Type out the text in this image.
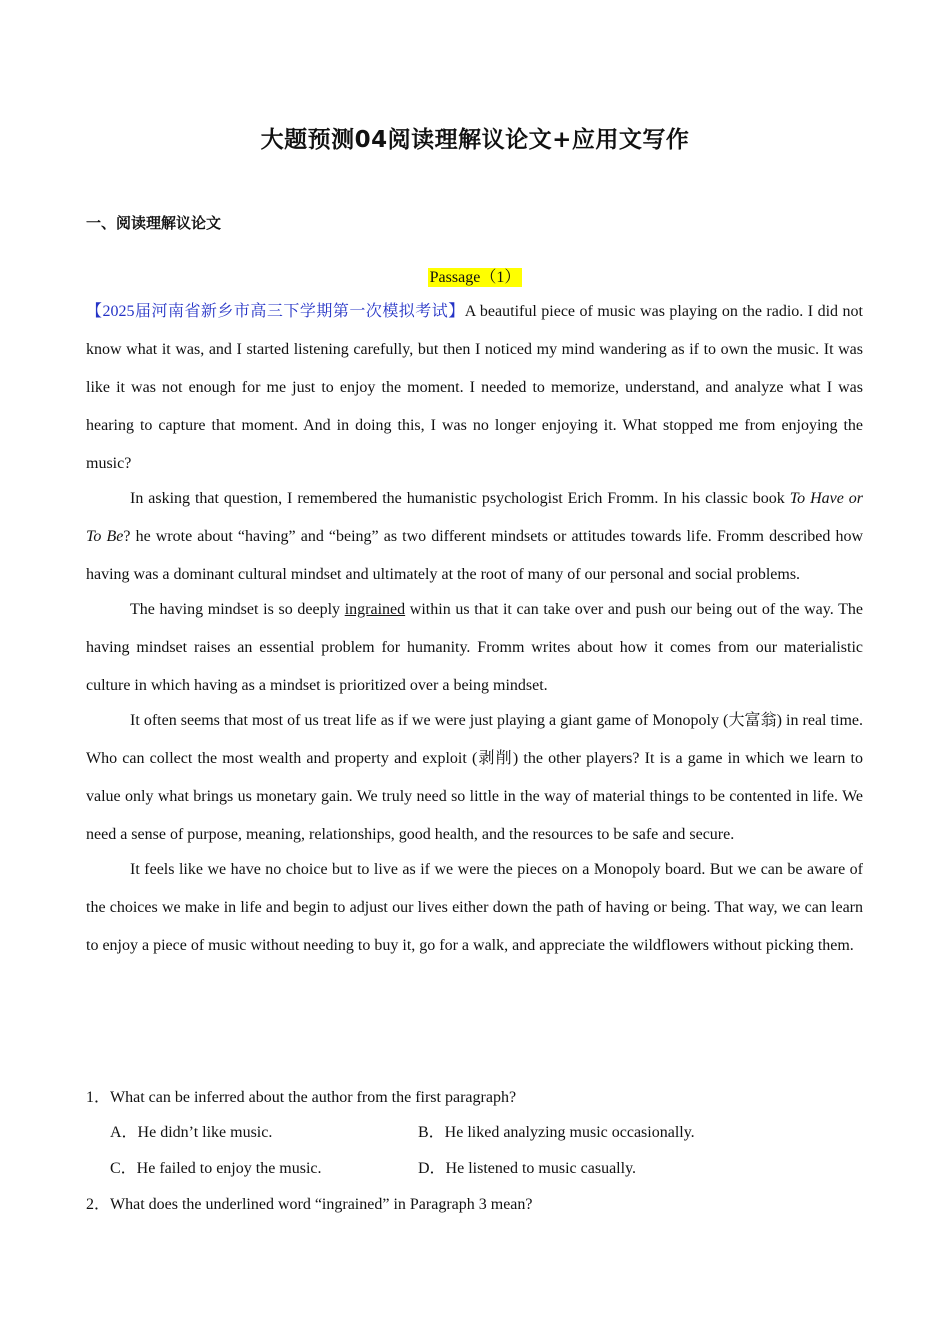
大题预测04阅读理解议论文+应用文写作
一、阅读理解议论文
Passage（1）

【2025届河南省新乡市高三下学期第一次模拟考试】A beautiful piece of music was playing on the radio. I did not know what it was, and I started listening carefully, but then I noticed my mind wandering as if to own the music. It was like it was not enough for me just to enjoy the moment. I needed to memorize, understand, and analyze what I was hearing to capture that moment. And in doing this, I was no longer enjoying it. What stopped me from enjoying the music?

In asking that question, I remembered the humanistic psychologist Erich Fromm. In his classic book To Have or To Be? he wrote about “having” and “being” as two different mindsets or attitudes towards life. Fromm described how having was a dominant cultural mindset and ultimately at the root of many of our personal and social problems.

The having mindset is so deeply ingrained within us that it can take over and push our being out of the way. The having mindset raises an essential problem for humanity. Fromm writes about how it comes from our materialistic culture in which having as a mindset is prioritized over a being mindset.

It often seems that most of us treat life as if we were just playing a giant game of Monopoly (大富翁) in real time. Who can collect the most wealth and property and exploit (剥削) the other players? It is a game in which we learn to value only what brings us monetary gain. We truly need so little in the way of material things to be contented in life. We need a sense of purpose, meaning, relationships, good health, and the resources to be safe and secure.

It feels like we have no choice but to live as if we were the pieces on a Monopoly board. But we can be aware of the choices we make in life and begin to adjust our lives either down the path of having or being. That way, we can learn to enjoy a piece of music without needing to buy it, go for a walk, and appreciate the wildflowers without picking them.

1．What can be inferred about the author from the first paragraph?
A．He didn’t like music.	B．He liked analyzing music occasionally.
C．He failed to enjoy the music.	D．He listened to music casually.
2．What does the underlined word “ingrained” in Paragraph 3 mean?
